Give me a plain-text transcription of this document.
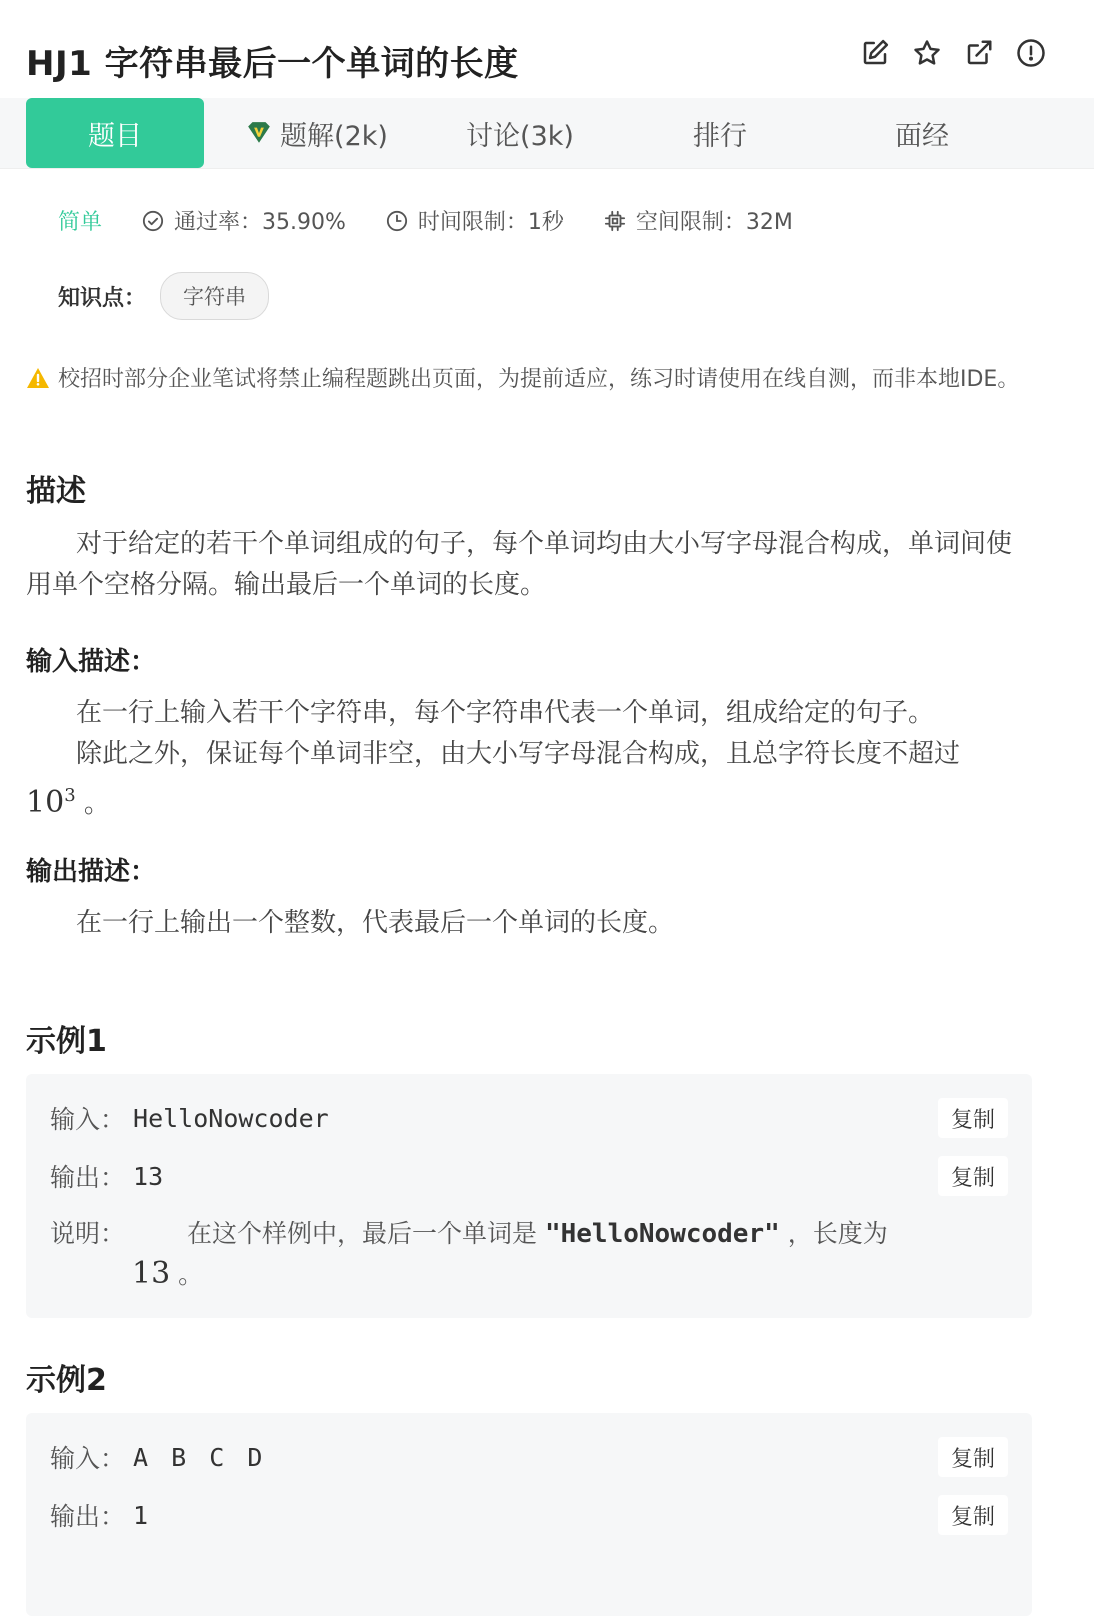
HJ1 字符串最后一个单词的长度
题目	题解(2k)	讨论(3k)	排行	面经
简单	通过率：35.90%	时间限制：1秒	空间限制：32M
知识点：	字符串
校招时部分企业笔试将禁止编程题跳出页面，为提前适应，练习时请使用在线自测，而非本地IDE。
描述
对于给定的若干个单词组成的句子，每个单词均由大小写字母混合构成，单词间使用单个空格分隔。输出最后一个单词的长度。
输入描述：
在一行上输入若干个字符串，每个字符串代表一个单词，组成给定的句子。
除此之外，保证每个单词非空，由大小写字母混合构成，且总字符长度不超过
$10^3$ 。
输出描述：
在一行上输出一个整数，代表最后一个单词的长度。
示例1
输入： HelloNowcoder	复制
输出： 13	复制
说明： 在这个样例中，最后一个单词是 "HelloNowcoder" ，长度为
13 。
示例2
输入： A B C D	复制
输出： 1	复制
